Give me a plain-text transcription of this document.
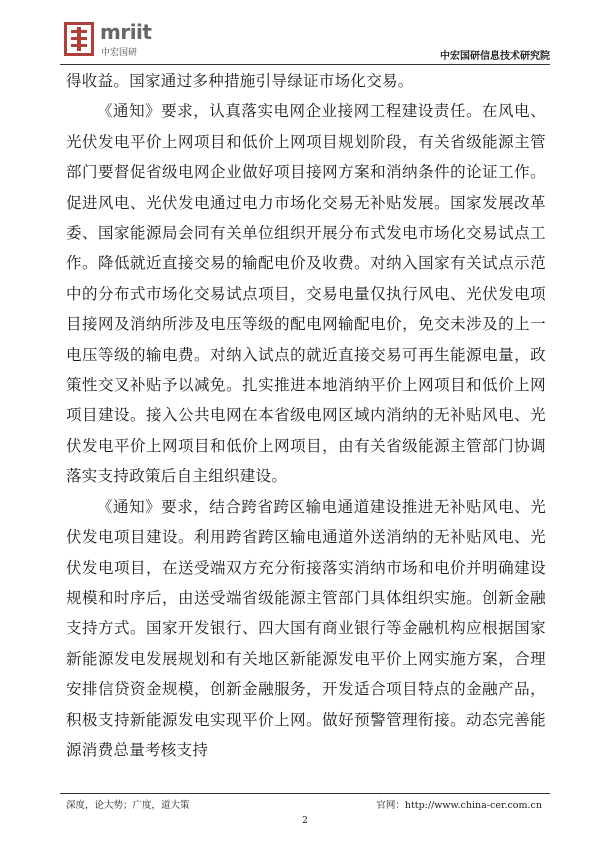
mriit
中宏国研	中宏国研信息技术研究院

得收益。国家通过多种措施引导绿证市场化交易。

《通知》要求，认真落实电网企业接网工程建设责任。在风电、光伏发电平价上网项目和低价上网项目规划阶段，有关省级能源主管部门要督促省级电网企业做好项目接网方案和消纳条件的论证工作。促进风电、光伏发电通过电力市场化交易无补贴发展。国家发展改革委、国家能源局会同有关单位组织开展分布式发电市场化交易试点工作。降低就近直接交易的输配电价及收费。对纳入国家有关试点示范中的分布式市场化交易试点项目，交易电量仅执行风电、光伏发电项目接网及消纳所涉及电压等级的配电网输配电价，免交未涉及的上一电压等级的输电费。对纳入试点的就近直接交易可再生能源电量，政策性交叉补贴予以减免。扎实推进本地消纳平价上网项目和低价上网项目建设。接入公共电网在本省级电网区域内消纳的无补贴风电、光伏发电平价上网项目和低价上网项目，由有关省级能源主管部门协调落实支持政策后自主组织建设。

《通知》要求，结合跨省跨区输电通道建设推进无补贴风电、光伏发电项目建设。利用跨省跨区输电通道外送消纳的无补贴风电、光伏发电项目，在送受端双方充分衔接落实消纳市场和电价并明确建设规模和时序后，由送受端省级能源主管部门具体组织实施。创新金融支持方式。国家开发银行、四大国有商业银行等金融机构应根据国家新能源发电发展规划和有关地区新能源发电平价上网实施方案，合理安排信贷资金规模，创新金融服务，开发适合项目特点的金融产品，积极支持新能源发电实现平价上网。做好预警管理衔接。动态完善能源消费总量考核支持

深度，论大势；广度，道大策	官网：http://www.china-cer.com.cn
2
